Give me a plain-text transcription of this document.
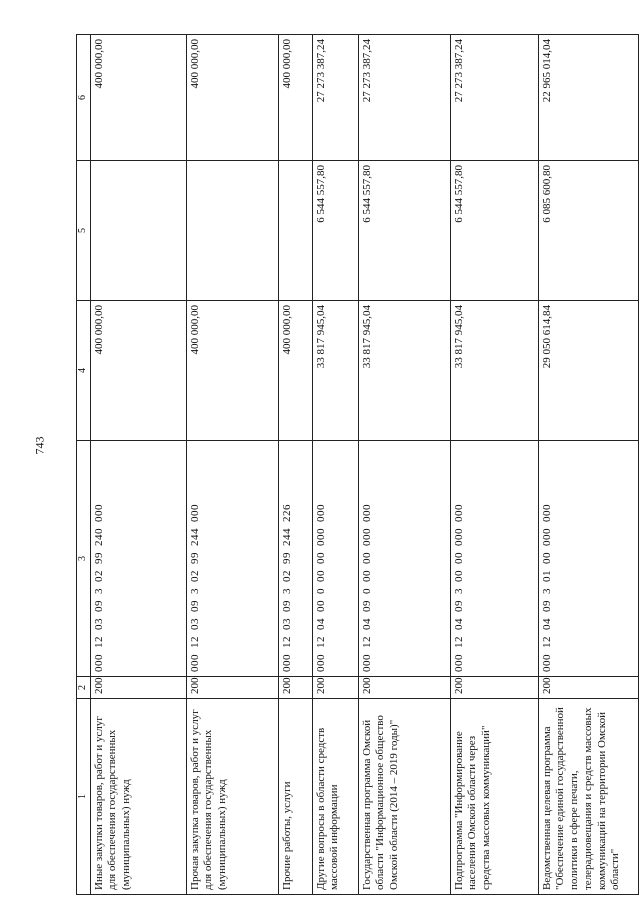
743
1	2	3	4	5	6
Иные закупки товаров, работ и услуг для обеспечения государственных (муниципальных) нужд	200	00012030930299240000	400 000,00		400 000,00
Прочая закупка товаров, работ и услуг для обеспечения государственных (муниципальных) нужд	200	00012030930299244000	400 000,00		400 000,00
Прочие работы, услуги	200	00012030930299244226	400 000,00		400 000,00
Другие вопросы в области средств массовой информации	200	00012040000000000000	33 817 945,04	6 544 557,80	27 273 387,24
Государственная программа Омской области "Информационное общество Омской области (2014 – 2019 годы)"	200	00012040900000000000	33 817 945,04	6 544 557,80	27 273 387,24
Подпрограмма "Информирование населения Омской области через средства массовых коммуникаций"	200	00012040930000000000	33 817 945,04	6 544 557,80	27 273 387,24
Ведомственная целевая программа "Обеспечение единой государственной политики в сфере печати, телерадиовещания и средств массовых коммуникаций на территории Омской области"	200	00012040930100000000	29 050 614,84	6 085 600,80	22 965 014,04
